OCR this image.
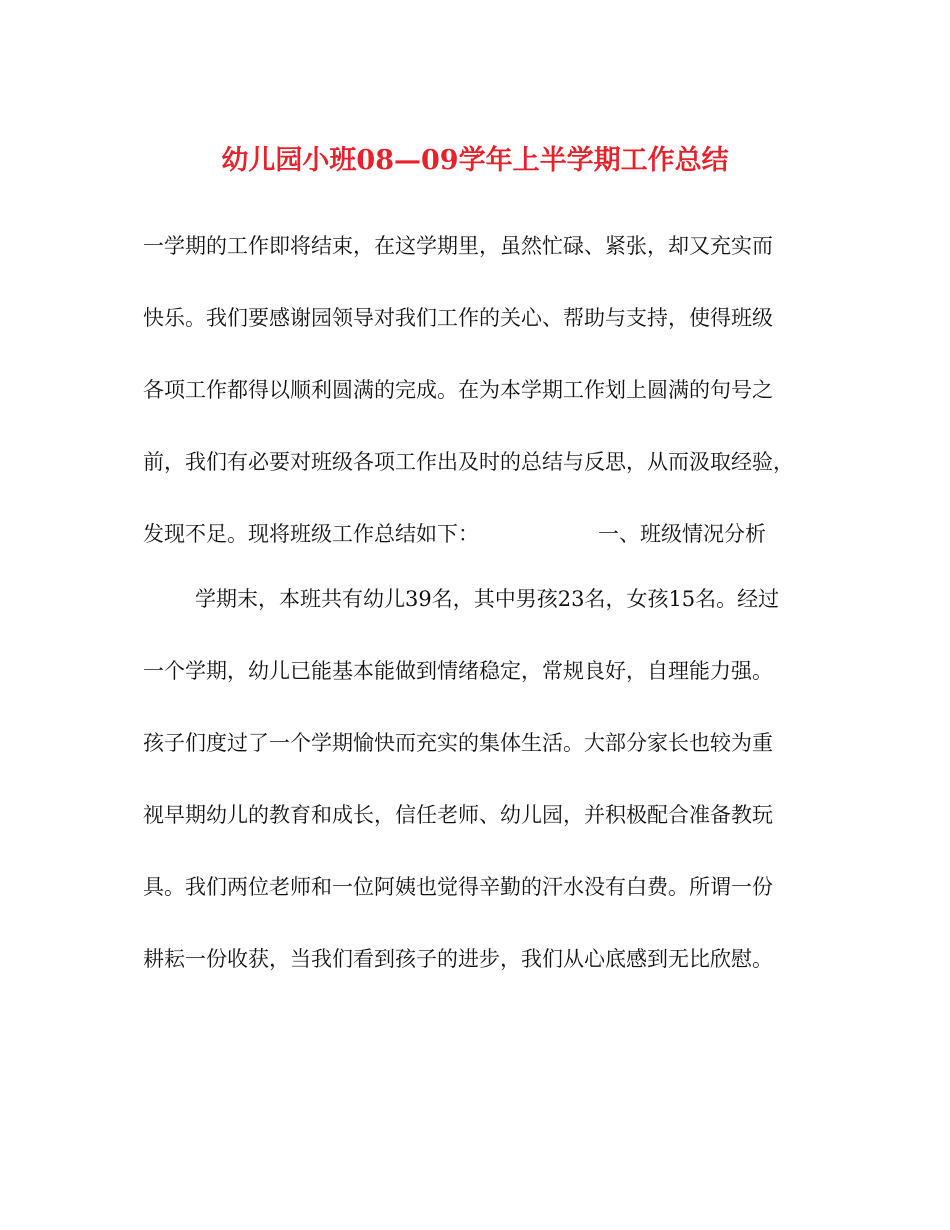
幼儿园小班08—09学年上半学期工作总结
一学期的工作即将结束，在这学期里，虽然忙碌、紧张，却又充实而
快乐。我们要感谢园领导对我们工作的关心、帮助与支持，使得班级
各项工作都得以顺利圆满的完成。在为本学期工作划上圆满的句号之
前，我们有必要对班级各项工作出及时的总结与反思，从而汲取经验，
发现不足。现将班级工作总结如下：	一、班级情况分析
学期末，本班共有幼儿39名，其中男孩23名，女孩15名。经过
一个学期，幼儿已能基本能做到情绪稳定，常规良好，自理能力强。
孩子们度过了一个学期愉快而充实的集体生活。大部分家长也较为重
视早期幼儿的教育和成长，信任老师、幼儿园，并积极配合准备教玩
具。我们两位老师和一位阿姨也觉得辛勤的汗水没有白费。所谓一份
耕耘一份收获，当我们看到孩子的进步，我们从心底感到无比欣慰。
